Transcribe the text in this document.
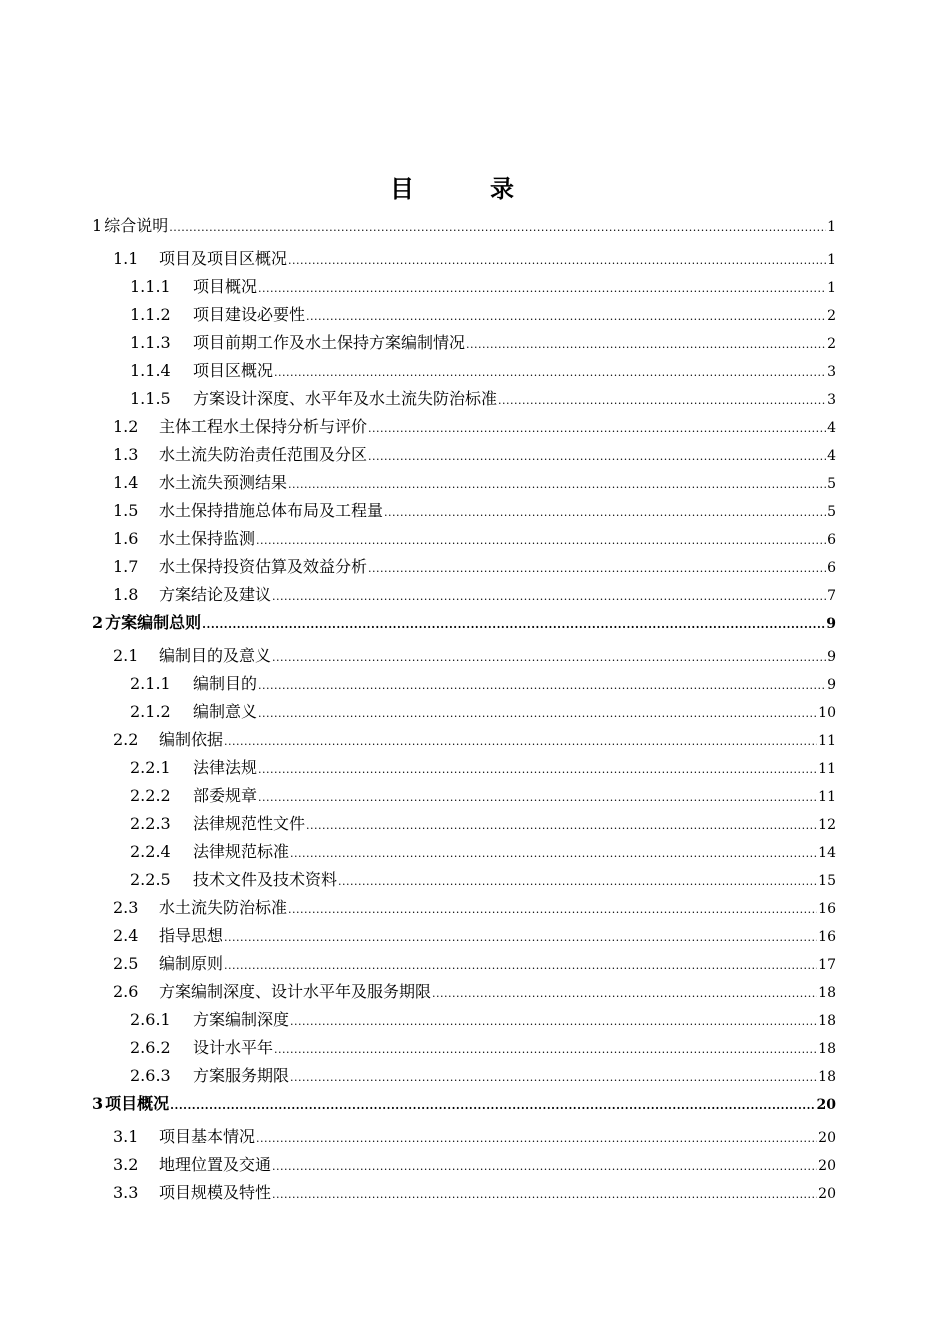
目　录
1 综合说明 .....	1
1.1	项目及项目区概况 .....	1
1.1.1	项目概况 .....	1
1.1.2	项目建设必要性 .....	2
1.1.3	项目前期工作及水土保持方案编制情况 .....	2
1.1.4	项目区概况 .....	3
1.1.5	方案设计深度、水平年及水土流失防治标准 .....	3
1.2	主体工程水土保持分析与评价 .....	4
1.3	水土流失防治责任范围及分区 .....	4
1.4	水土流失预测结果 .....	5
1.5	水土保持措施总体布局及工程量 .....	5
1.6	水土保持监测 .....	6
1.7	水土保持投资估算及效益分析 .....	6
1.8	方案结论及建议 .....	7
2 方案编制总则 .....	9
2.1	编制目的及意义 .....	9
2.1.1	编制目的 .....	9
2.1.2	编制意义 .....	10
2.2	编制依据 .....	11
2.2.1	法律法规 .....	11
2.2.2	部委规章 .....	11
2.2.3	法律规范性文件 .....	12
2.2.4	法律规范标准 .....	14
2.2.5	技术文件及技术资料 .....	15
2.3	水土流失防治标准 .....	16
2.4	指导思想 .....	16
2.5	编制原则 .....	17
2.6	方案编制深度、设计水平年及服务期限 .....	18
2.6.1	方案编制深度 .....	18
2.6.2	设计水平年 .....	18
2.6.3	方案服务期限 .....	18
3 项目概况 .....	20
3.1	项目基本情况 .....	20
3.2	地理位置及交通 .....	20
3.3	项目规模及特性 .....	20
